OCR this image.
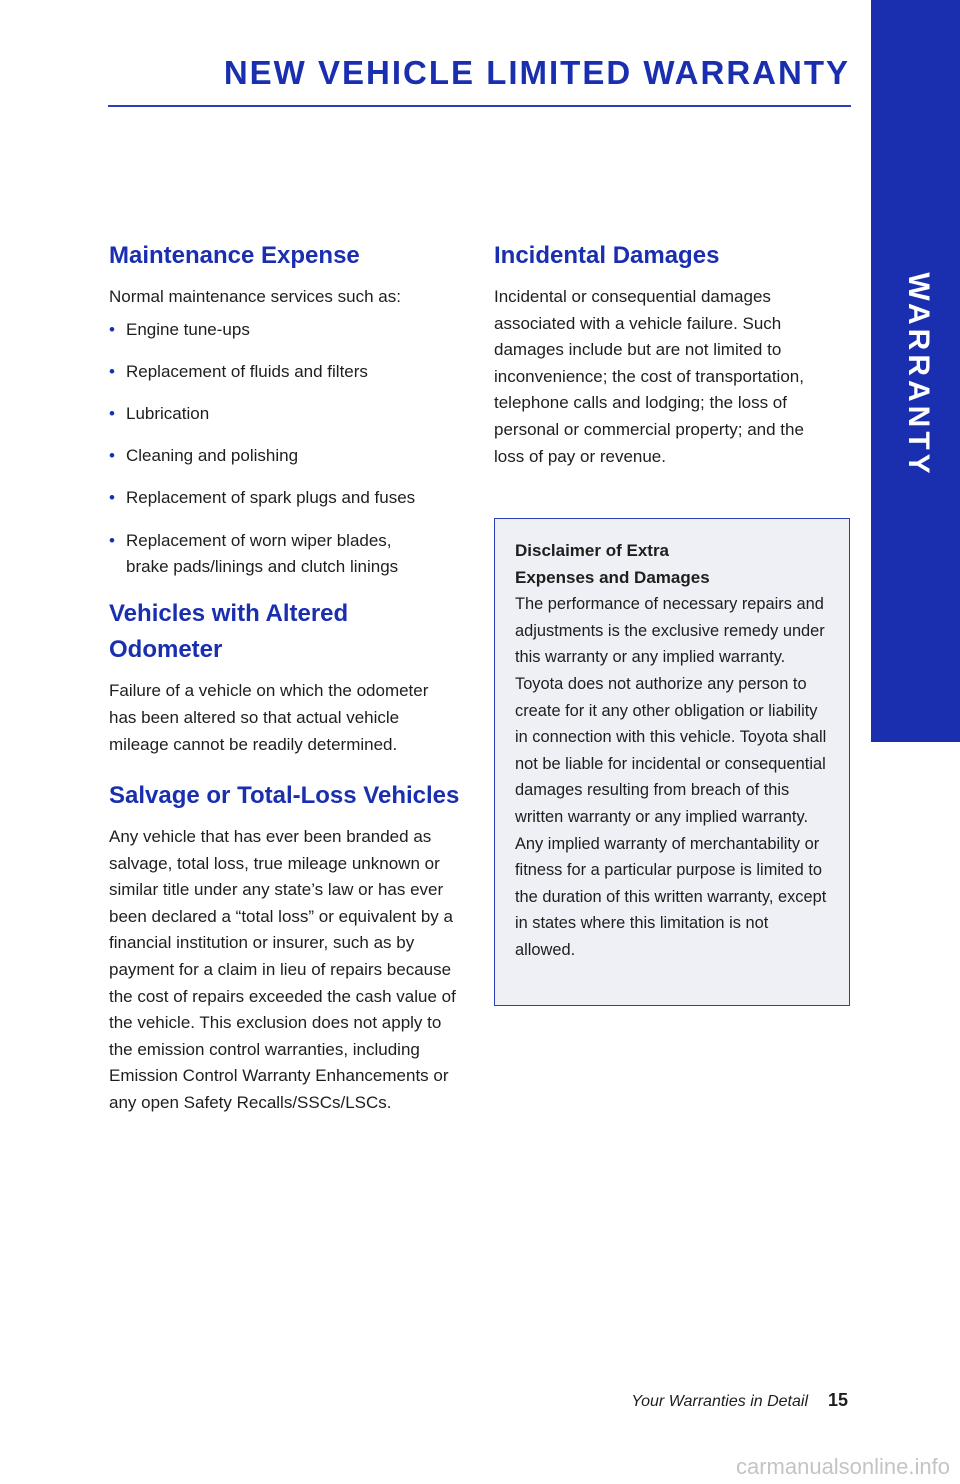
NEW VEHICLE LIMITED WARRANTY
WARRANTY
Maintenance Expense

Normal maintenance services such as:

• Engine tune-ups
• Replacement of fluids and filters
• Lubrication
• Cleaning and polishing
• Replacement of spark plugs and fuses
• Replacement of worn wiper blades, brake pads/linings and clutch linings
Vehicles with Altered Odometer

Failure of a vehicle on which the odometer has been altered so that actual vehicle mileage cannot be readily determined.

Salvage or Total-Loss Vehicles

Any vehicle that has ever been branded as salvage, total loss, true mileage unknown or similar title under any state’s law or has ever been declared a “total loss” or equivalent by a financial institution or insurer, such as by payment for a claim in lieu of repairs because the cost of repairs exceeded the cash value of the vehicle. This exclusion does not apply to the emission control warranties, including Emission Control Warranty Enhancements or any open Safety Recalls/SSCs/LSCs.

Incidental Damages

Incidental or consequential damages associated with a vehicle failure. Such damages include but are not limited to inconvenience; the cost of transportation, telephone calls and lodging; the loss of personal or commercial property; and the loss of pay or revenue.

Disclaimer of Extra
Expenses and Damages

The performance of necessary repairs and adjustments is the exclusive remedy under this warranty or any implied warranty. Toyota does not authorize any person to create for it any other obligation or liability in connection with this vehicle. Toyota shall not be liable for incidental or consequential damages resulting from breach of this written warranty or any implied warranty. Any implied warranty of merchantability or fitness for a particular purpose is limited to the duration of this written warranty, except in states where this limitation is not allowed.

Your Warranties in Detail 15
carmanualsonline.info
